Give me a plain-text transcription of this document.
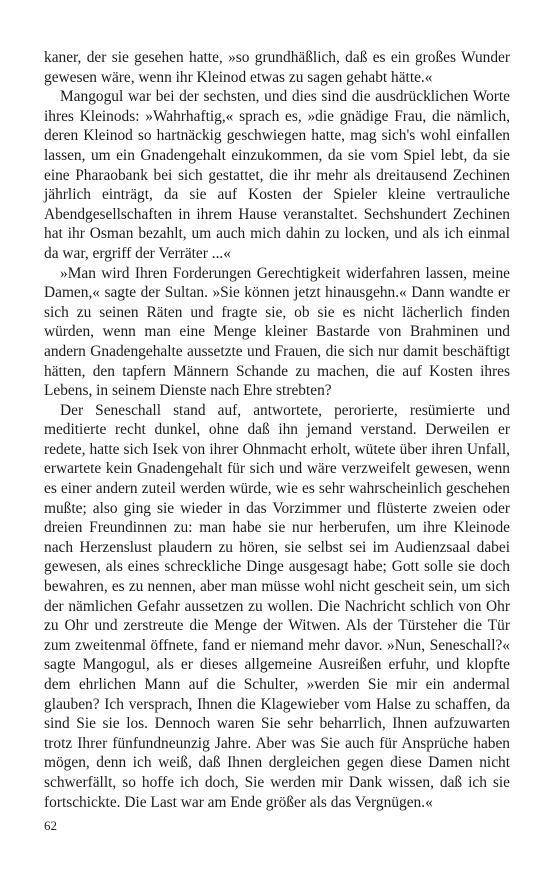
kaner, der sie gesehen hatte, »so grundhäßlich, daß es ein großes Wunder gewesen wäre, wenn ihr Kleinod etwas zu sagen gehabt hätte.«

Mangogul war bei der sechsten, und dies sind die ausdrücklichen Worte ihres Kleinods: »Wahrhaftig,« sprach es, »die gnädige Frau, die nämlich, deren Kleinod so hartnäckig geschwiegen hatte, mag sich's wohl einfallen lassen, um ein Gnadengehalt einzukommen, da sie vom Spiel lebt, da sie eine Pharaobank bei sich gestattet, die ihr mehr als dreitausend Zechinen jährlich einträgt, da sie auf Kosten der Spieler kleine vertrauliche Abendgesellschaften in ihrem Hause veranstaltet. Sechshundert Zechinen hat ihr Osman bezahlt, um auch mich dahin zu locken, und als ich einmal da war, ergriff der Verräter ...«

»Man wird Ihren Forderungen Gerechtigkeit widerfahren lassen, meine Damen,« sagte der Sultan. »Sie können jetzt hinausgehn.« Dann wandte er sich zu seinen Räten und fragte sie, ob sie es nicht lächerlich finden würden, wenn man eine Menge kleiner Bastarde von Brahminen und andern Gnadengehalte aussetzte und Frauen, die sich nur damit beschäftigt hätten, den tapfern Männern Schande zu machen, die auf Kosten ihres Lebens, in seinem Dienste nach Ehre strebten?

Der Seneschall stand auf, antwortete, perorierte, resümierte und meditierte recht dunkel, ohne daß ihn jemand verstand. Derweilen er redete, hatte sich Isek von ihrer Ohnmacht erholt, wütete über ihren Unfall, erwartete kein Gnadengehalt für sich und wäre verzweifelt gewesen, wenn es einer andern zuteil werden würde, wie es sehr wahrscheinlich geschehen mußte; also ging sie wieder in das Vorzimmer und flüsterte zweien oder dreien Freundinnen zu: man habe sie nur herberufen, um ihre Kleinode nach Herzenslust plaudern zu hören, sie selbst sei im Audienzsaal dabei gewesen, als eines schreckliche Dinge ausgesagt habe; Gott solle sie doch bewahren, es zu nennen, aber man müsse wohl nicht gescheit sein, um sich der nämlichen Gefahr aussetzen zu wollen. Die Nachricht schlich von Ohr zu Ohr und zerstreute die Menge der Witwen. Als der Türsteher die Tür zum zweitenmal öffnete, fand er niemand mehr davor. »Nun, Seneschall?« sagte Mangogul, als er dieses allgemeine Ausreißen erfuhr, und klopfte dem ehrlichen Mann auf die Schulter, »werden Sie mir ein andermal glauben? Ich versprach, Ihnen die Klagewieber vom Halse zu schaffen, da sind Sie sie los. Dennoch waren Sie sehr beharrlich, Ihnen aufzuwarten trotz Ihrer fünfundneunzig Jahre. Aber was Sie auch für Ansprüche haben mögen, denn ich weiß, daß Ihnen dergleichen gegen diese Damen nicht schwerfällt, so hoffe ich doch, Sie werden mir Dank wissen, daß ich sie fortschickte. Die Last war am Ende größer als das Vergnügen.«

62
